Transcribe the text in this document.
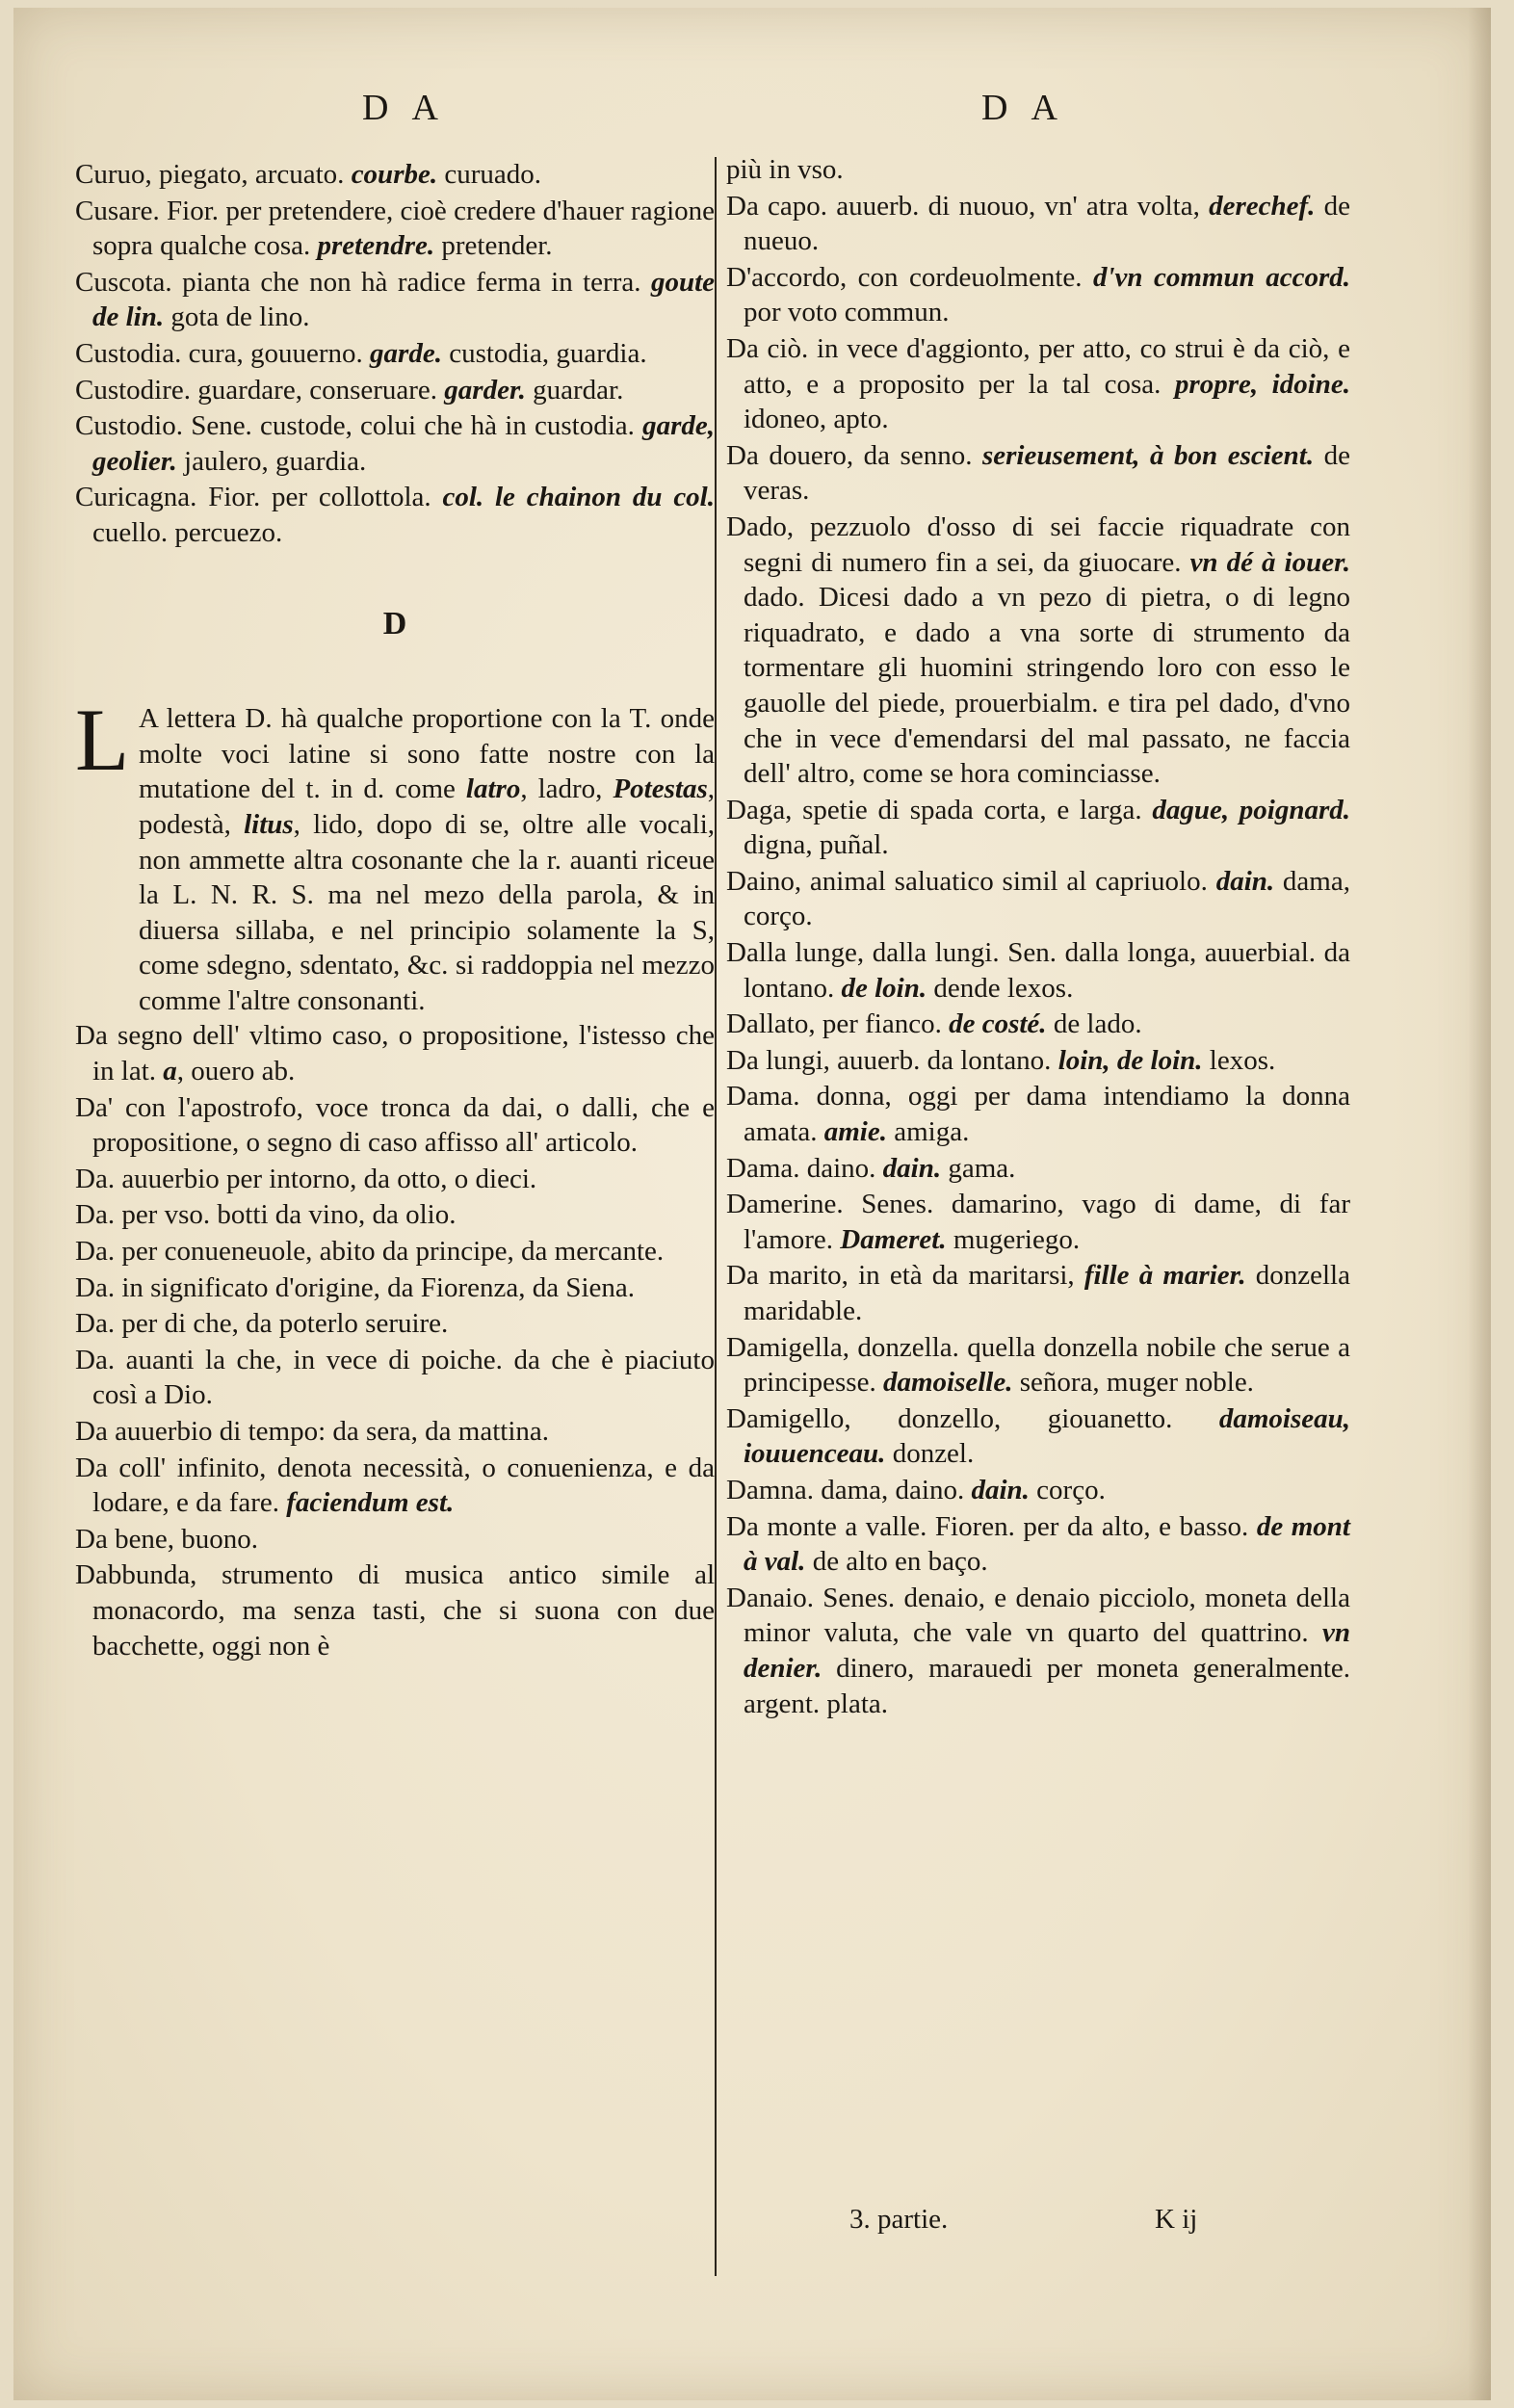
DA	DA
Curuo, piegato, arcuato. courbe. curuado.
Cusare. Fior. per pretendere, cioè credere d'hauer ragione sopra qualche cosa. pretendre. pretender.
Cuscota. pianta che non hà radice ferma in terra. goute de lin. gota de lino.
Custodia. cura, gouuerno. garde. custodia, guardia.
Custodire. guardare, conseruare. garder. guardar.
Custodio. Sene. custode, colui che hà in custodia. garde, geolier. jaulero, guardia.
Curicagna. Fior. per collottola. col. le chainon du col. cuello. percuezo.
D
L A lettera D. hà qualche proportione con la T. onde molte voci latine si sono fatte nostre con la mutatione del t. in d. come latro, ladro, Potestas, podestà, litus, lido, dopo di se, oltre alle vocali, non ammette altra cosonante che la r. auanti riceue la L. N. R. S. ma nel mezo della parola, & in diuersa sillaba, e nel principio solamente la S, come sdegno, sdentato, &c. si raddoppia nel mezzo comme l'altre consonanti.
Da segno dell' vltimo caso, o propositione, l'istesso che in lat. a, ouero ab.
Da' con l'apostrofo, voce tronca da dai, o dalli, che e propositione, o segno di caso affisso all' articolo.
Da. auuerbio per intorno, da otto, o dieci.
Da. per vso. botti da vino, da olio.
Da. per conueneuole, abito da principe, da mercante.
Da. in significato d'origine, da Fiorenza, da Siena.
Da. per di che, da poterlo seruire.
Da. auanti la che, in vece di poiche. da che è piaciuto così a Dio.
Da auuerbio di tempo: da sera, da mattina.
Da coll' infinito, denota necessità, o conuenienza, e da lodare, e da fare. faciendum est.
Da bene, buono.
Dabbunda, strumento di musica antico simile al monacordo, ma senza tasti, che si suona con due bacchette, oggi non è
più in vso.
Da capo. auuerb. di nuouo, vn' atra volta, derechef. de nueuo.
D'accordo, con cordeuolmente. d'vn commun accord. por voto commun.
Da ciò. in vece d'aggionto, per atto, co strui è da ciò, e atto, e a proposito per la tal cosa. propre, idoine. idoneo, apto.
Da douero, da senno. serieusement, à bon escient. de veras.
Dado, pezzuolo d'osso di sei faccie riquadrate con segni di numero fin a sei, da giuocare. vn dé à iouer. dado. Dicesi dado a vn pezo di pietra, o di legno riquadrato, e dado a vna sorte di strumento da tormentare gli huomini stringendo loro con esso le gauolle del piede, prouerbialm. e tira pel dado, d'vno che in vece d'emendarsi del mal passato, ne faccia dell' altro, come se hora cominciasse.
Daga, spetie di spada corta, e larga. dague, poignard. digna, puñal.
Daino, animal saluatico simil al capriuolo. dain. dama, corço.
Dalla lunge, dalla lungi. Sen. dalla longa, auuerbial. da lontano. de loin. dende lexos.
Dallato, per fianco. de costé. de lado.
Da lungi, auuerb. da lontano. loin, de loin. lexos.
Dama. donna, oggi per dama intendiamo la donna amata. amie. amiga.
Dama. daino. dain. gama.
Damerine. Senes. damarino, vago di dame, di far l'amore. Dameret. mugeriego.
Da marito, in età da maritarsi, fille à marier. donzella maridable.
Damigella, donzella. quella donzella nobile che serue a principesse. damoiselle. señora, muger noble.
Damigello, donzello, giouanetto. damoiseau, iouuenceau. donzel.
Damna. dama, daino. dain. corço.
Da monte a valle. Fioren. per da alto, e basso. de mont à val. de alto en baço.
Danaio. Senes. denaio, e denaio picciolo, moneta della minor valuta, che vale vn quarto del quattrino. vn denier. dinero, marauedi per moneta generalmente. argent. plata.
3. partie.	K ij
